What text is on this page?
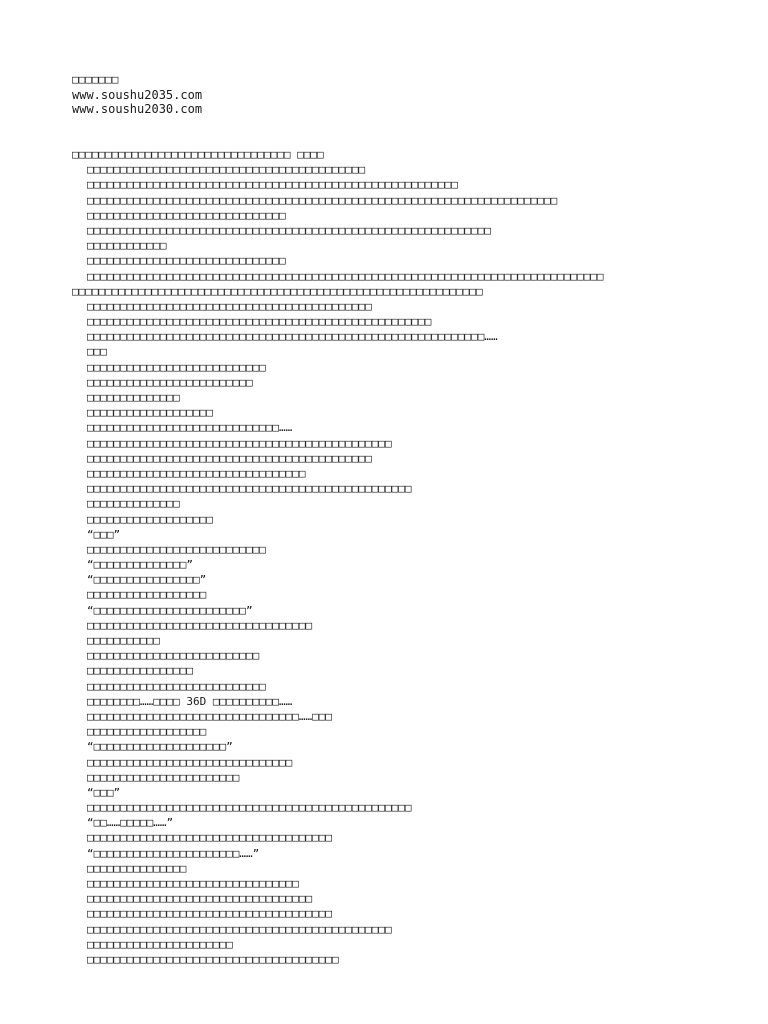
□□□□□□□
www.soushu2035.com
www.soushu2030.com
□□□□□□□□□□□□□□□□□□□□□□□□□□□□□□□□□ □□□□
□□□□□□□□□□□□□□□□□□□□□□□□□□□□□□□□□□□□□□□□□□
□□□□□□□□□□□□□□□□□□□□□□□□□□□□□□□□□□□□□□□□□□□□□□□□□□□□□□□□
□□□□□□□□□□□□□□□□□□□□□□□□□□□□□□□□□□□□□□□□□□□□□□□□□□□□□□□□□□□□□□□□□□□□□□□
□□□□□□□□□□□□□□□□□□□□□□□□□□□□□□
□□□□□□□□□□□□□□□□□□□□□□□□□□□□□□□□□□□□□□□□□□□□□□□□□□□□□□□□□□□□□
□□□□□□□□□□□□
□□□□□□□□□□□□□□□□□□□□□□□□□□□□□□
□□□□□□□□□□□□□□□□□□□□□□□□□□□□□□□□□□□□□□□□□□□□□□□□□□□□□□□□□□□□□□□□□□□□□□□□□□□□□□
□□□□□□□□□□□□□□□□□□□□□□□□□□□□□□□□□□□□□□□□□□□□□□□□□□□□□□□□□□□□□□
□□□□□□□□□□□□□□□□□□□□□□□□□□□□□□□□□□□□□□□□□□□
□□□□□□□□□□□□□□□□□□□□□□□□□□□□□□□□□□□□□□□□□□□□□□□□□□□□
□□□□□□□□□□□□□□□□□□□□□□□□□□□□□□□□□□□□□□□□□□□□□□□□□□□□□□□□□□□□……
□□□
□□□□□□□□□□□□□□□□□□□□□□□□□□□
□□□□□□□□□□□□□□□□□□□□□□□□□
□□□□□□□□□□□□□□
□□□□□□□□□□□□□□□□□□□
□□□□□□□□□□□□□□□□□□□□□□□□□□□□□……
□□□□□□□□□□□□□□□□□□□□□□□□□□□□□□□□□□□□□□□□□□□□□□
□□□□□□□□□□□□□□□□□□□□□□□□□□□□□□□□□□□□□□□□□□□
□□□□□□□□□□□□□□□□□□□□□□□□□□□□□□□□□
□□□□□□□□□□□□□□□□□□□□□□□□□□□□□□□□□□□□□□□□□□□□□□□□□
□□□□□□□□□□□□□□
□□□□□□□□□□□□□□□□□□□
“□□□”
□□□□□□□□□□□□□□□□□□□□□□□□□□□
“□□□□□□□□□□□□□□”
“□□□□□□□□□□□□□□□□”
□□□□□□□□□□□□□□□□□□
“□□□□□□□□□□□□□□□□□□□□□□□”
□□□□□□□□□□□□□□□□□□□□□□□□□□□□□□□□□□
□□□□□□□□□□□
□□□□□□□□□□□□□□□□□□□□□□□□□□
□□□□□□□□□□□□□□□□
□□□□□□□□□□□□□□□□□□□□□□□□□□□
□□□□□□□□……□□□□ 36D □□□□□□□□□□……
□□□□□□□□□□□□□□□□□□□□□□□□□□□□□□□□……□□□
□□□□□□□□□□□□□□□□□□
“□□□□□□□□□□□□□□□□□□□□”
□□□□□□□□□□□□□□□□□□□□□□□□□□□□□□□
□□□□□□□□□□□□□□□□□□□□□□□
“□□□”
□□□□□□□□□□□□□□□□□□□□□□□□□□□□□□□□□□□□□□□□□□□□□□□□□
“□□……□□□□□……”
□□□□□□□□□□□□□□□□□□□□□□□□□□□□□□□□□□□□□
“□□□□□□□□□□□□□□□□□□□□□□……”
□□□□□□□□□□□□□□□
□□□□□□□□□□□□□□□□□□□□□□□□□□□□□□□□
□□□□□□□□□□□□□□□□□□□□□□□□□□□□□□□□□□
□□□□□□□□□□□□□□□□□□□□□□□□□□□□□□□□□□□□□
□□□□□□□□□□□□□□□□□□□□□□□□□□□□□□□□□□□□□□□□□□□□□□
□□□□□□□□□□□□□□□□□□□□□□
□□□□□□□□□□□□□□□□□□□□□□□□□□□□□□□□□□□□□□
